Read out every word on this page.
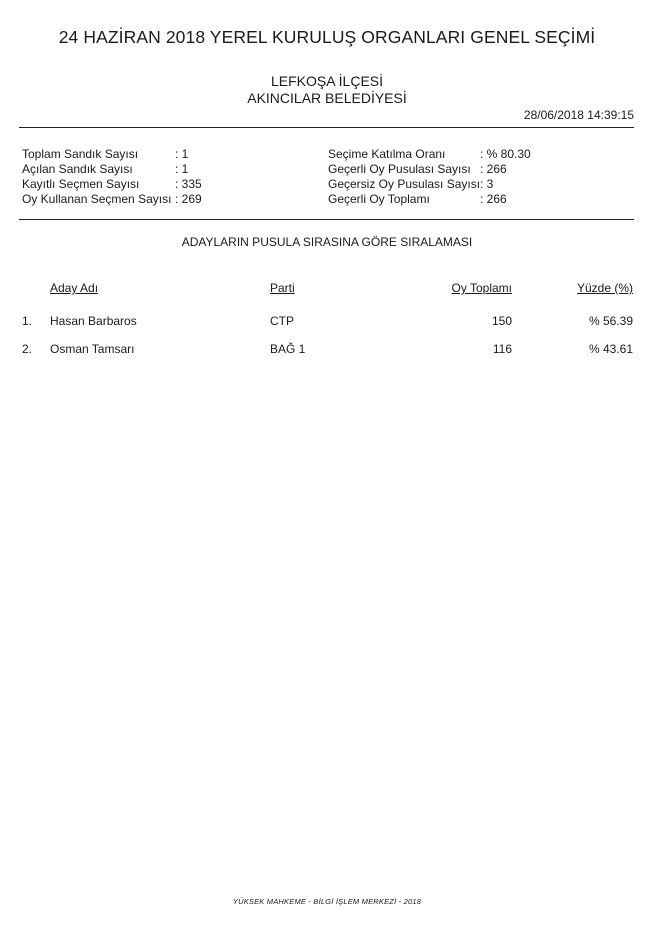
24 HAZİRAN 2018 YEREL KURULUŞ ORGANLARI GENEL SEÇİMİ
LEFKOŞA İLÇESİ
AKINCILAR BELEDİYESİ
28/06/2018 14:39:15
Toplam Sandık Sayısı	: 1
Açılan Sandık Sayısı	: 1
Kayıtlı Seçmen Sayısı	: 335
Oy Kullanan Seçmen Sayısı : 269
Seçime Katılma Oranı	: % 80.30
Geçerli Oy Pusulası Sayısı : 266
Geçersiz Oy Pusulası Sayısı : 3
Geçerli Oy Toplamı	: 266
ADAYLARIN PUSULA SIRASINA GÖRE SIRALAMASI
Aday Adı	Parti	Oy Toplamı	Yüzde (%)
1. Hasan Barbaros	CTP	150	% 56.39
2. Osman Tamsarı	BAĞ 1	116	% 43.61
YÜKSEK MAHKEME - BİLGİ İŞLEM MERKEZİ - 2018
